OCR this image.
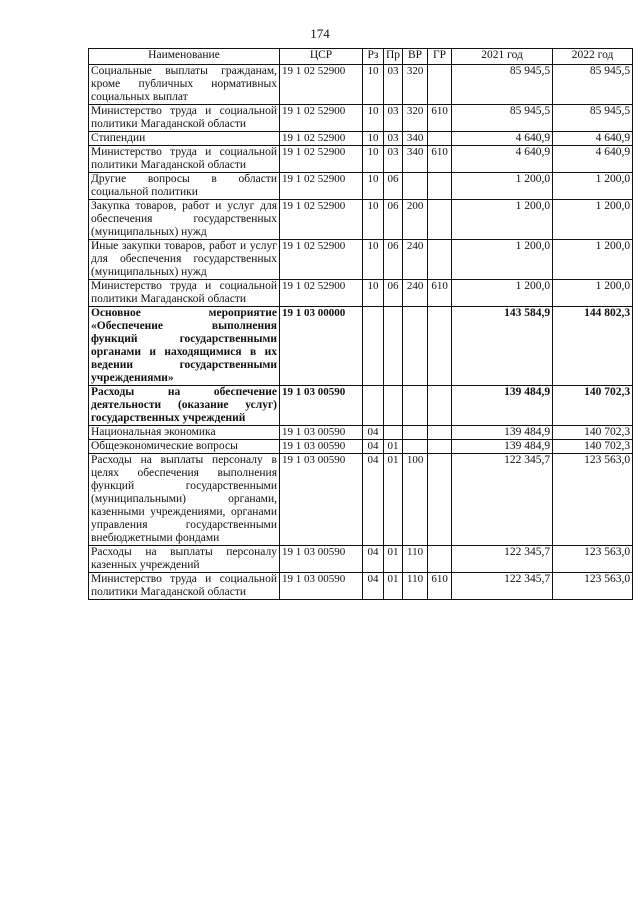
174
Наименование	ЦСР	Рз	Пр	ВР	ГР	2021 год	2022 год
Социальные выплаты гражданам, кроме публичных нормативных социальных выплат	19 1 02 52900	10	03	320		85 945,5	85 945,5
Министерство труда и социальной политики Магаданской области	19 1 02 52900	10	03	320	610	85 945,5	85 945,5
Стипендии	19 1 02 52900	10	03	340		4 640,9	4 640,9
Министерство труда и социальной политики Магаданской области	19 1 02 52900	10	03	340	610	4 640,9	4 640,9
Другие вопросы в области социальной политики	19 1 02 52900	10	06			1 200,0	1 200,0
Закупка товаров, работ и услуг для обеспечения государственных (муниципальных) нужд	19 1 02 52900	10	06	200		1 200,0	1 200,0
Иные закупки товаров, работ и услуг для обеспечения государственных (муниципальных) нужд	19 1 02 52900	10	06	240		1 200,0	1 200,0
Министерство труда и социальной политики Магаданской области	19 1 02 52900	10	06	240	610	1 200,0	1 200,0
Основное мероприятие «Обеспечение выполнения функций государственными органами и находящимися в их ведении государственными учреждениями»	19 1 03 00000					143 584,9	144 802,3
Расходы на обеспечение деятельности (оказание услуг) государственных учреждений	19 1 03 00590					139 484,9	140 702,3
Национальная экономика	19 1 03 00590	04				139 484,9	140 702,3
Общеэкономические вопросы	19 1 03 00590	04	01			139 484,9	140 702,3
Расходы на выплаты персоналу в целях обеспечения выполнения функций государственными (муниципальными) органами, казенными учреждениями, органами управления государственными внебюджетными фондами	19 1 03 00590	04	01	100		122 345,7	123 563,0
Расходы на выплаты персоналу казенных учреждений	19 1 03 00590	04	01	110		122 345,7	123 563,0
Министерство труда и социальной политики Магаданской области	19 1 03 00590	04	01	110	610	122 345,7	123 563,0
